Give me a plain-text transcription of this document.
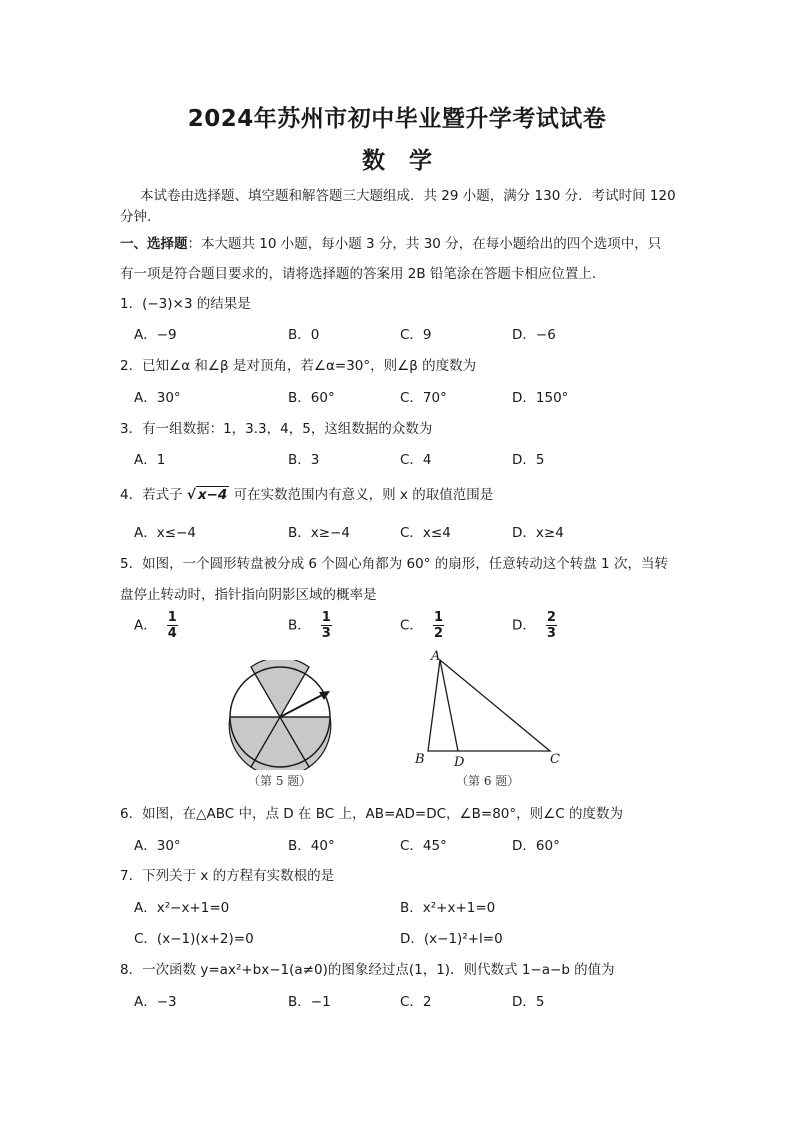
2024年苏州市初中毕业暨升学考试试卷
数学
本试卷由选择题、填空题和解答题三大题组成．共 29 小题，满分 130 分．考试时间 120
分钟．
一、选择题：本大题共 10 小题，每小题 3 分，共 30 分，在每小题给出的四个选项中，只
有一项是符合题目要求的，请将选择题的答案用 2B 铅笔涂在答题卡相应位置上．
1．(−3)×3 的结果是
A．−9	B．0	C．9	D．−6
2．已知∠α 和∠β 是对顶角，若∠α=30°，则∠β 的度数为
A．30°	B．60°	C．70°	D．150°
3．有一组数据：1，3.3，4，5，这组数据的众数为
A．1	B．3	C．4	D．5
4．若式子 √ x−4 可在实数范围内有意义，则 x 的取值范围是
A．x≤−4	B．x≥−4	C．x≤4	D．x≥4
5．如图，一个圆形转盘被分成 6 个圆心角都为 60° 的扇形，任意转动这个转盘 1 次，当转
盘停止转动时，指针指向阴影区域的概率是
A． $\frac{1}{4}$	B． $\frac{1}{3}$	C． $\frac{1}{2}$	D． $\frac{2}{3}$
（第 5 题）
A
B D	C
（第 6 题）
6．如图，在△ABC 中，点 D 在 BC 上，AB=AD=DC，∠B=80°，则∠C 的度数为
A．30°	B．40°	C．45°	D．60°
7．下列关于 x 的方程有实数根的是
A．x²−x+1=0	B．x²+x+1=0
C．(x−1)(x+2)=0	D．(x−1)²+l=0
8．一次函数 y=ax²+bx−1(a≠0)的图象经过点(1，1)．则代数式 1−a−b 的值为
A．−3	B．−1	C．2	D．5
